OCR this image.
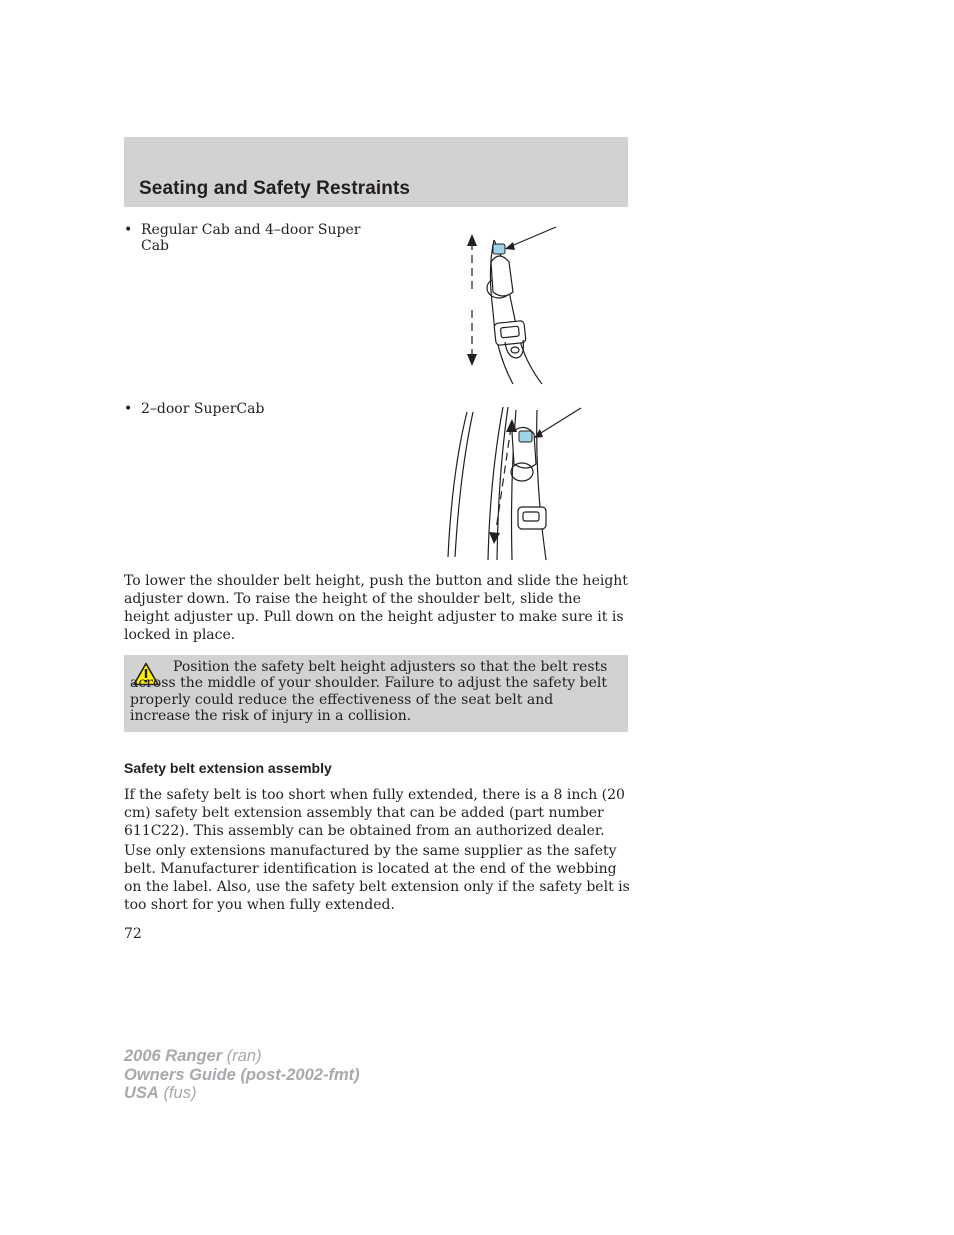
Seating and Safety Restraints
• Regular Cab and 4–door Super Cab
• 2–door SuperCab

To lower the shoulder belt height, push the button and slide the height adjuster down. To raise the height of the shoulder belt, slide the height adjuster up. Pull down on the height adjuster to make sure it is locked in place.

Position the safety belt height adjusters so that the belt rests across the middle of your shoulder. Failure to adjust the safety belt properly could reduce the effectiveness of the seat belt and increase the risk of injury in a collision.

Safety belt extension assembly

If the safety belt is too short when fully extended, there is a 8 inch (20 cm) safety belt extension assembly that can be added (part number 611C22). This assembly can be obtained from an authorized dealer.

Use only extensions manufactured by the same supplier as the safety belt. Manufacturer identification is located at the end of the webbing on the label. Also, use the safety belt extension only if the safety belt is too short for you when fully extended.

72
2006 Ranger (ran)
Owners Guide (post-2002-fmt)
USA (fus)
